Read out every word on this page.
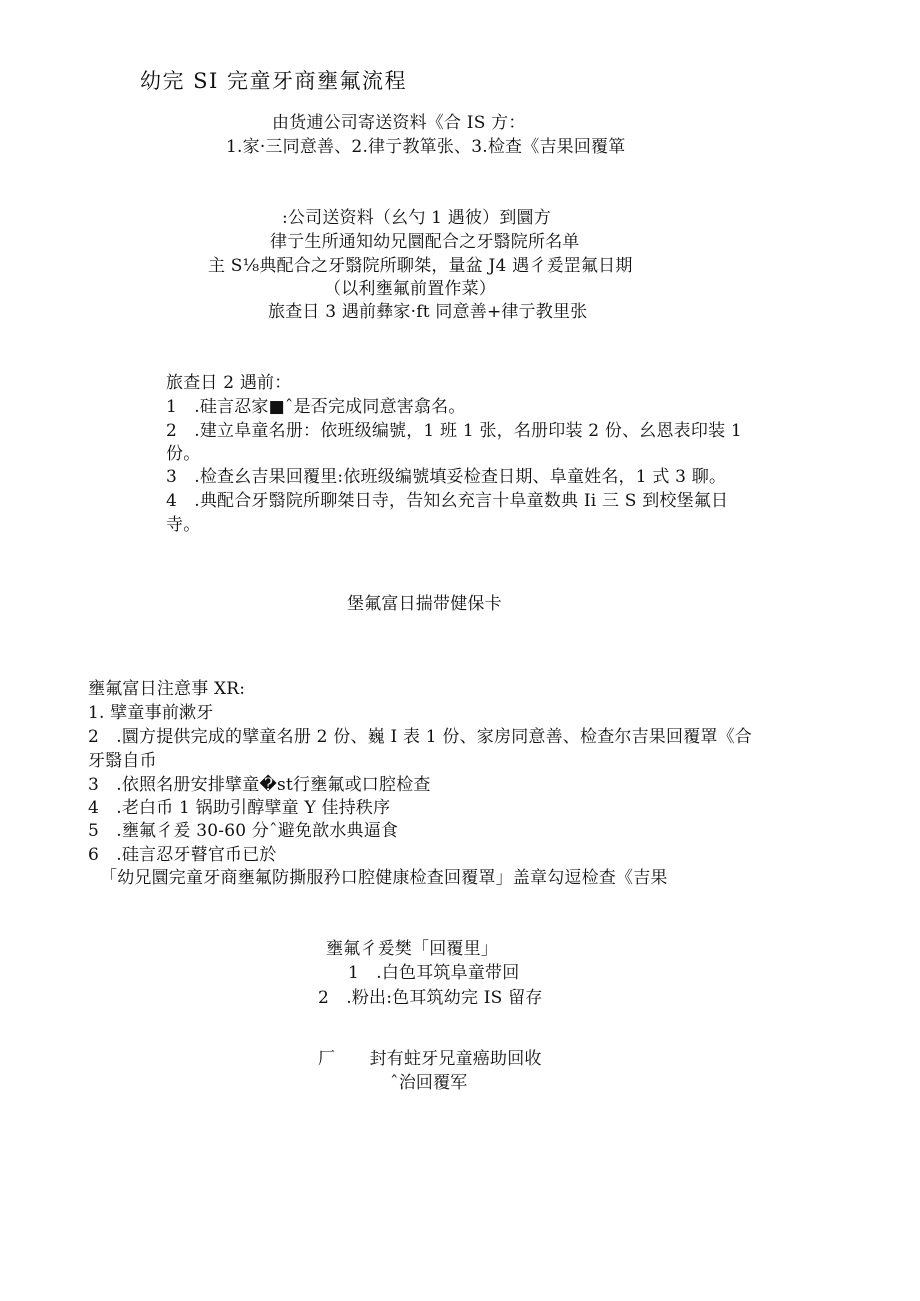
幼完 SI 完童牙商壅氟流程
由货逋公司寄送资料《合 IS 方：
1.家·三同意善、2.律亍教箪张、3.检查《吉果回覆箪
:公司送资料（幺勺 1 遇彼）到圜方
律亍生所通知幼兄圜配合之牙翳院所名单
主 S⅛典配合之牙翳院所聊桀，量盆 J4 遇彳爰罡氟日期
（以利壅氟前置作菜）
旅查日 3 遇前彝家·ft 同意善+律亍教里张
旅查日 2 遇前：
1　.硅言忍家■ˆ是否完成同意害翕名。
2　.建立阜童名册：依班级编號，1 班 1 张，名册印装 2 份、幺恩表印装 1
份。
3　.检查幺吉果回覆里:依班级编號填妥检查日期、阜童姓名，1 式 3 聊。
4　.典配合牙翳院所聊桀日寺，告知幺充言十阜童数典 Ii 三 S 到校堡氟日
寺。
堡氟富日揣带健保卡
壅氟富日注意事 XR:
1. 擘童事前漱牙
2　.圜方提供完成的擘童名册 2 份、巍 I 表 1 份、家房同意善、检查尔吉果回覆罩《合
牙翳自币
3　.依照名册安排擘童�st行壅氟或口腔检查
4　.老白币 1 锅助引醇擘童 Y 佳持秩序
5　.壅氟彳爰 30-60 分ˆ避免歆水典逼食
6　.硅言忍牙瞽官币已於
「幼兄圜完童牙商壅氟防撕服矜口腔健康检查回覆罩」盖章勾逗检查《吉果
壅氟彳爰樊「回覆里」
1　.白色耳筑阜童带回
2　.粉出:色耳筑幼完 IS 留存
厂　　封有蛀牙兄童癌助回收
ˆ治回覆军
